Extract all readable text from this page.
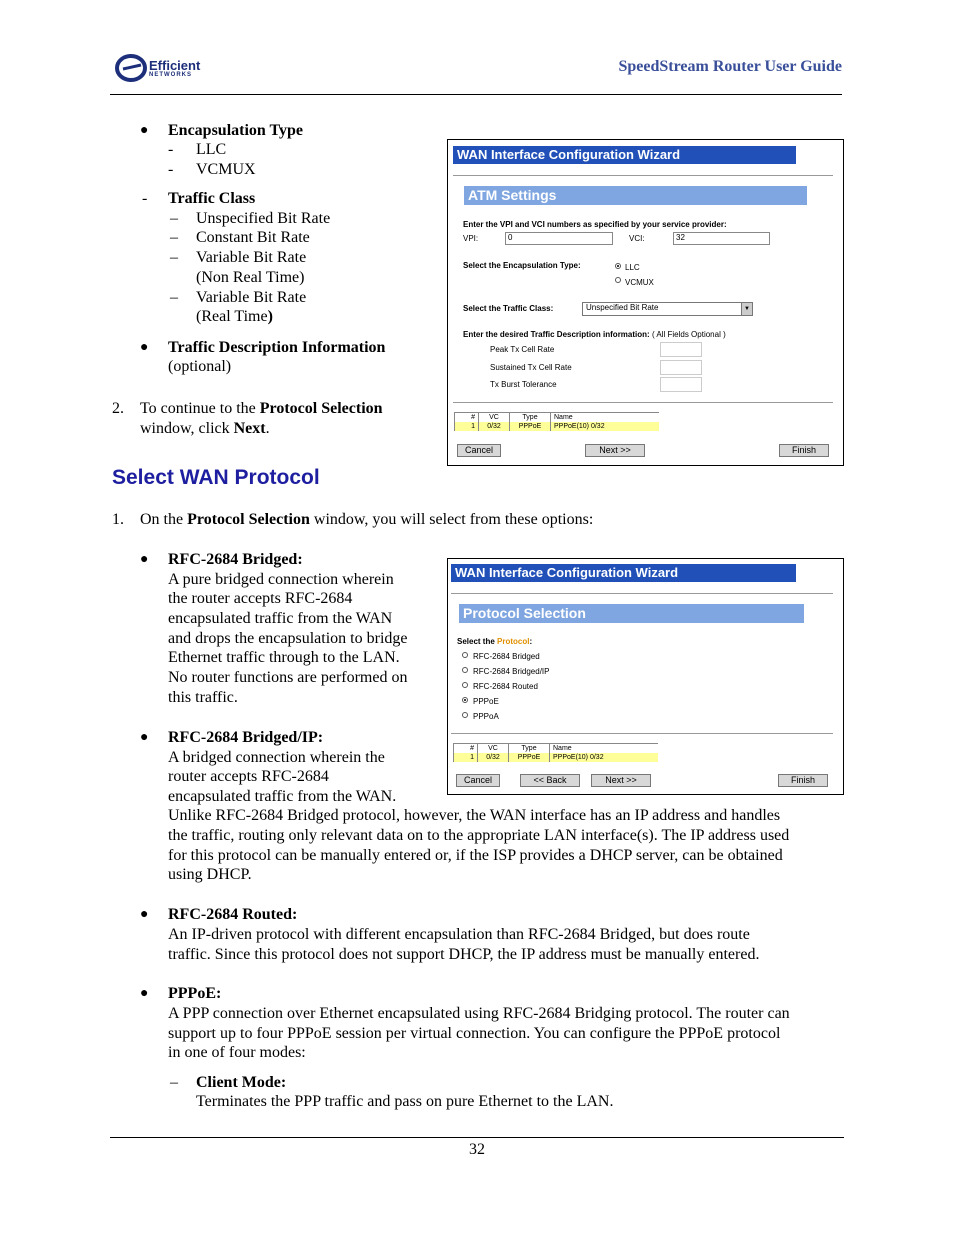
Efficient
NETWORKS	SpeedStream Router User Guide
● Encapsulation Type
- LLC
- VCMUX
- Traffic Class
– Unspecified Bit Rate
– Constant Bit Rate
– Variable Bit Rate
(Non Real Time)
– Variable Bit Rate
(Real Time)
● Traffic Description Information
(optional)
2. To continue to the Protocol Selection
window, click Next.
WAN Interface Configuration Wizard
ATM Settings
Enter the VPI and VCI numbers as specified by your service provider:
VPI:	0	VCI:	32
Select the Encapsulation Type:	LLC
VCMUX
Select the Traffic Class:	Unspecified Bit Rate	▼
Enter the desired Traffic Description information: ( All Fields Optional )
Peak Tx Cell Rate
Sustained Tx Cell Rate
Tx Burst Tolerance
#	VC	Type	Name
1	0/32	PPPoE	PPPoE(10) 0/32
Cancel	Next >>	Finish
Select WAN Protocol
1. On the Protocol Selection window, you will select from these options:
● RFC-2684 Bridged:
A pure bridged connection wherein
the router accepts RFC-2684
encapsulated traffic from the WAN
and drops the encapsulation to bridge
Ethernet traffic through to the LAN.
No router functions are performed on
this traffic.
● RFC-2684 Bridged/IP:
A bridged connection wherein the
router accepts RFC-2684
encapsulated traffic from the WAN.
Unlike RFC-2684 Bridged protocol, however, the WAN interface has an IP address and handles
the traffic, routing only relevant data on to the appropriate LAN interface(s). The IP address used
for this protocol can be manually entered or, if the ISP provides a DHCP server, can be obtained
using DHCP.
WAN Interface Configuration Wizard
Protocol Selection
Select the Protocol:
RFC-2684 Bridged
RFC-2684 Bridged/IP
RFC-2684 Routed
PPPoE
PPPoA
#	VC	Type	Name
1	0/32	PPPoE	PPPoE(10) 0/32
Cancel	<< Back	Next >>	Finish
● RFC-2684 Routed:
An IP-driven protocol with different encapsulation than RFC-2684 Bridged, but does route
traffic. Since this protocol does not support DHCP, the IP address must be manually entered.
● PPPoE:
A PPP connection over Ethernet encapsulated using RFC-2684 Bridging protocol. The router can
support up to four PPPoE session per virtual connection. You can configure the PPPoE protocol
in one of four modes:
– Client Mode:
Terminates the PPP traffic and pass on pure Ethernet to the LAN.
32
